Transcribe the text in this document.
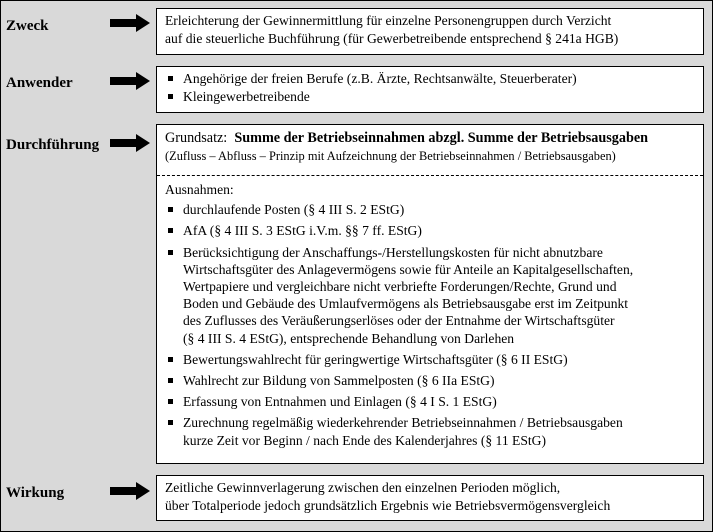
Zweck	Erleichterung der Gewinnermittlung für einzelne Personengruppen durch Verzicht

auf die steuerliche Buchführung (für Gewerbetreibende entsprechend § 241a HGB)

Anwender	Angehörige der freien Berufe (z.B. Ärzte, Rechtsanwälte, Steuerberater)
Kleingewerbetreibende
Durchführung	Grundsatz: Summe der Betriebseinnahmen abzgl. Summe der Betriebsausgaben

(Zufluss – Abfluss – Prinzip mit Aufzeichnung der Betriebseinnahmen / Betriebsausgaben)

Ausnahmen:

durchlaufende Posten (§ 4 III S. 2 EStG)
AfA (§ 4 III S. 3 EStG i.V.m. §§ 7 ff. EStG)
Berücksichtigung der Anschaffungs-/Herstellungskosten für nicht abnutzbare
Wirtschaftsgüter des Anlagevermögens sowie für Anteile an Kapitalgesellschaften,
Wertpapiere und vergleichbare nicht verbriefte Forderungen/Rechte, Grund und
Boden und Gebäude des Umlaufvermögens als Betriebsausgabe erst im Zeitpunkt
des Zuflusses des Veräußerungserlöses oder der Entnahme der Wirtschaftsgüter
(§ 4 III S. 4 EStG), entsprechende Behandlung von Darlehen
Bewertungswahlrecht für geringwertige Wirtschaftsgüter (§ 6 II EStG)
Wahlrecht zur Bildung von Sammelposten (§ 6 IIa EStG)
Erfassung von Entnahmen und Einlagen (§ 4 I S. 1 EStG)
Zurechnung regelmäßig wiederkehrender Betriebseinnahmen / Betriebsausgaben
kurze Zeit vor Beginn / nach Ende des Kalenderjahres (§ 11 EStG)
Wirkung	Zeitliche Gewinnverlagerung zwischen den einzelnen Perioden möglich,

über Totalperiode jedoch grundsätzlich Ergebnis wie Betriebsvermögensvergleich
